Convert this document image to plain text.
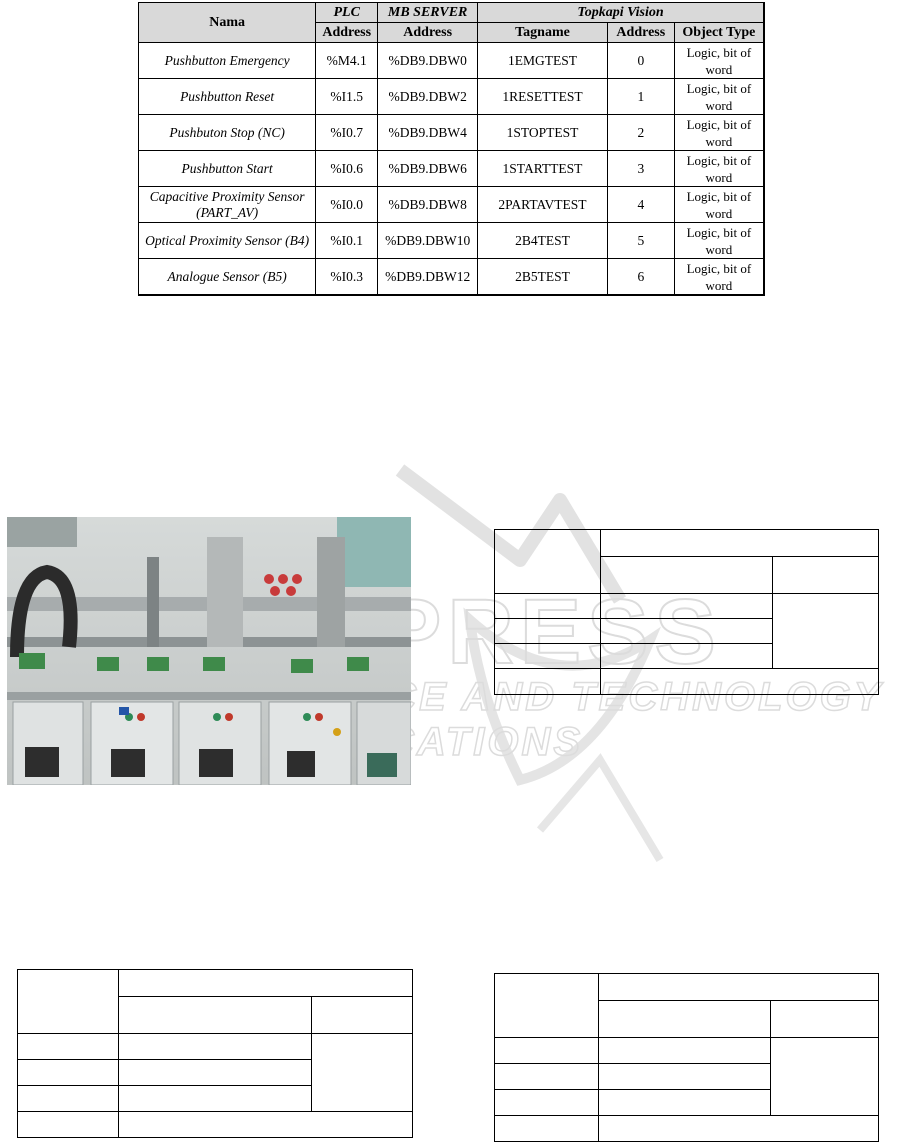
PRESS
SCIENCE AND TECHNOLOGY PUBLICATIONS
Nama	PLC	MB SERVER	Topkapi Vision		
	Address	Address	Tagname	Address	Object Type
Pushbutton Emergency	%M4.1	%DB9.DBW0	1EMGTEST	0	Logic, bit of word
Pushbutton Reset	%I1.5	%DB9.DBW2	1RESETTEST	1	Logic, bit of word
Pushbuton Stop (NC)	%I0.7	%DB9.DBW4	1STOPTEST	2	Logic, bit of word
Pushbutton Start	%I0.6	%DB9.DBW6	1STARTTEST	3	Logic, bit of word
Capacitive Proximity Sensor (PART_AV)	%I0.0	%DB9.DBW8	2PARTAVTEST	4	Logic, bit of word
Optical Proximity Sensor (B4)	%I0.1	%DB9.DBW10	2B4TEST	5	Logic, bit of word
Analogue Sensor (B5)	%I0.3	%DB9.DBW12	2B5TEST	6	Logic, bit of word
